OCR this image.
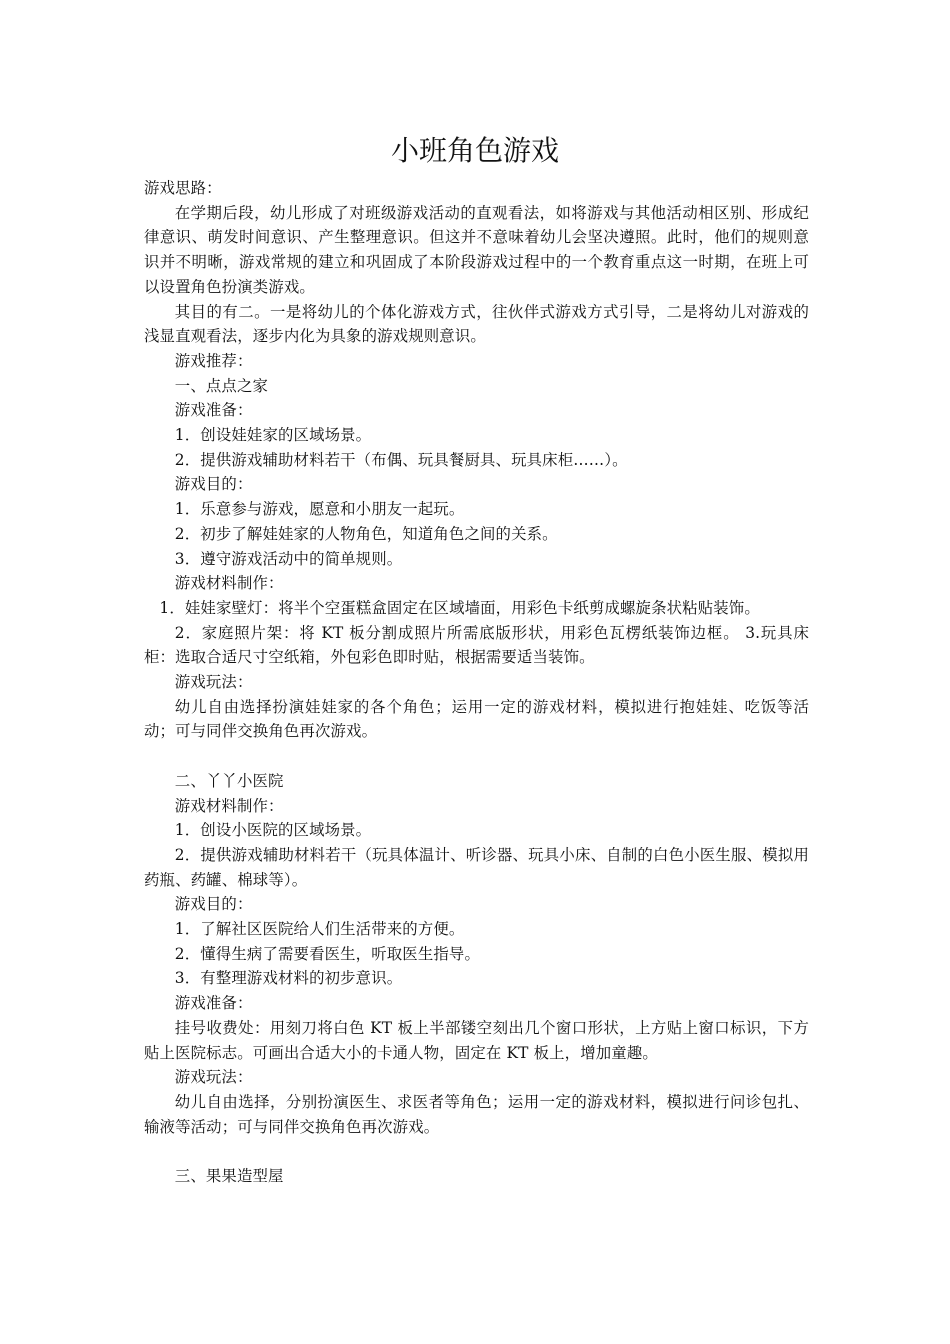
小班角色游戏

游戏思路：

在学期后段，幼儿形成了对班级游戏活动的直观看法，如将游戏与其他活动相区别、形成纪律意识、萌发时间意识、产生整理意识。但这并不意味着幼儿会坚决遵照。此时，他们的规则意识并不明晰，游戏常规的建立和巩固成了本阶段游戏过程中的一个教育重点这一时期，在班上可以设置角色扮演类游戏。

其目的有二。一是将幼儿的个体化游戏方式，往伙伴式游戏方式引导，二是将幼儿对游戏的浅显直观看法，逐步内化为具象的游戏规则意识。

游戏推荐：

一、点点之家

游戏准备：

1．创设娃娃家的区域场景。

2．提供游戏辅助材料若干（布偶、玩具餐厨具、玩具床柜……）。

游戏目的：

1．乐意参与游戏，愿意和小朋友一起玩。

2．初步了解娃娃家的人物角色，知道角色之间的关系。

3．遵守游戏活动中的简单规则。

游戏材料制作：

1．娃娃家壁灯：将半个空蛋糕盒固定在区域墙面，用彩色卡纸剪成螺旋条状粘贴装饰。

2．家庭照片架：将 KT 板分割成照片所需底版形状，用彩色瓦楞纸装饰边框。 3.玩具床柜：选取合适尺寸空纸箱，外包彩色即时贴，根据需要适当装饰。

游戏玩法：

幼儿自由选择扮演娃娃家的各个角色；运用一定的游戏材料，模拟进行抱娃娃、吃饭等活动；可与同伴交换角色再次游戏。

二、丫丫小医院

游戏材料制作：

1．创设小医院的区域场景。

2．提供游戏辅助材料若干（玩具体温计、听诊器、玩具小床、自制的白色小医生服、模拟用药瓶、药罐、棉球等）。

游戏目的：

1．了解社区医院给人们生活带来的方便。

2．懂得生病了需要看医生，听取医生指导。

3．有整理游戏材料的初步意识。

游戏准备：

挂号收费处：用刻刀将白色 KT 板上半部镂空刻出几个窗口形状，上方贴上窗口标识，下方贴上医院标志。可画出合适大小的卡通人物，固定在 KT 板上，增加童趣。

游戏玩法：

幼儿自由选择，分别扮演医生、求医者等角色；运用一定的游戏材料，模拟进行问诊包扎、输液等活动；可与同伴交换角色再次游戏。

三、果果造型屋
